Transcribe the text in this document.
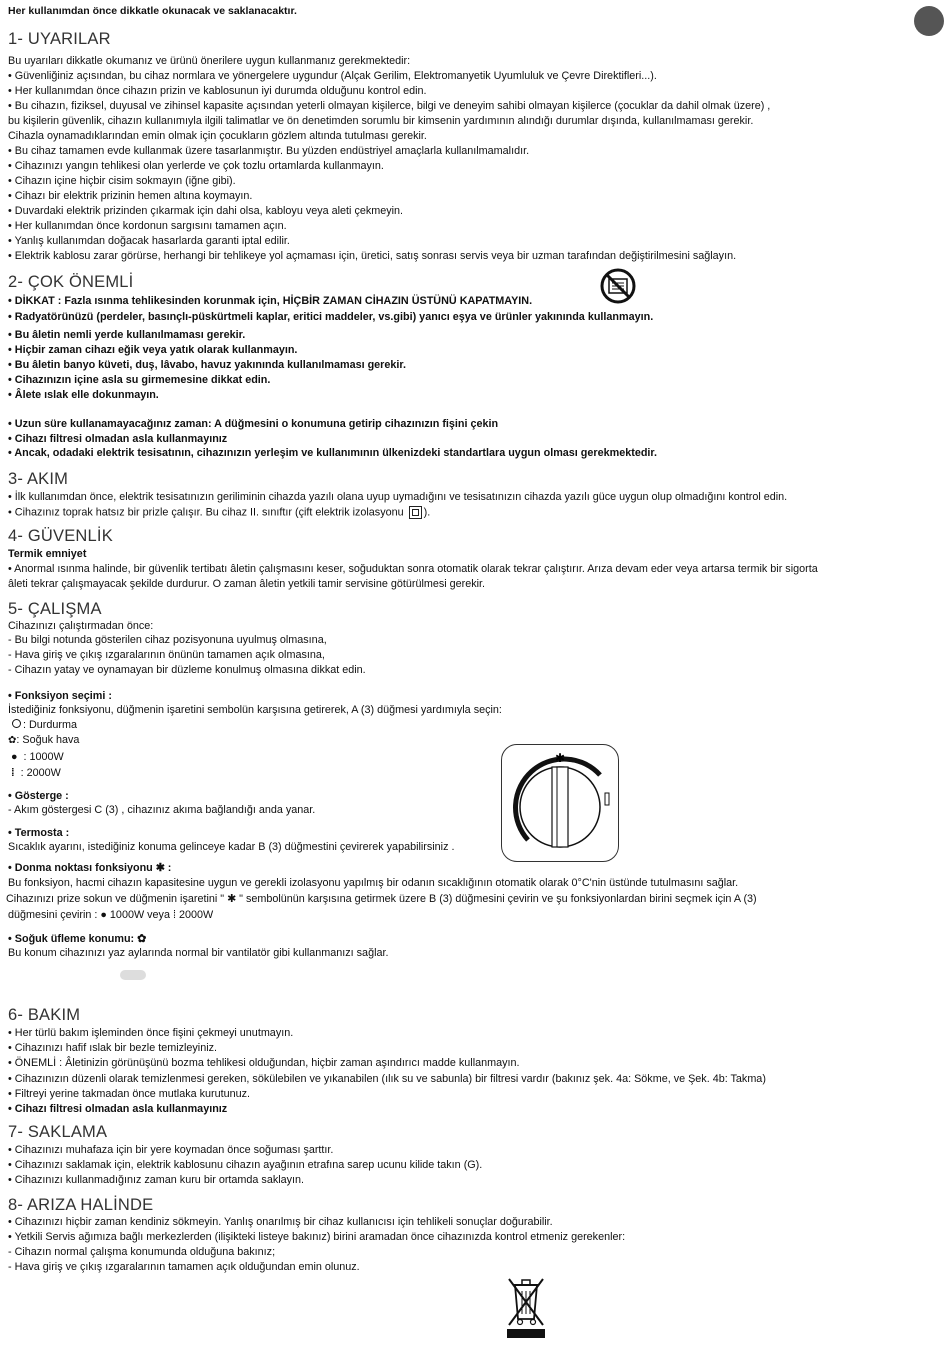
Her kullanımdan önce dikkatle okunacak ve saklanacaktır.
1- UYARILAR
Bu uyarıları dikkatle okumanız ve ürünü önerilere uygun kullanmanız gerekmektedir:
• Güvenliğiniz açısından, bu cihaz normlara ve yönergelere uygundur (Alçak Gerilim, Elektromanyetik Uyumluluk ve Çevre Direktifleri...).
• Her kullanımdan önce cihazın prizin ve kablosunun iyi durumda olduğunu kontrol edin.
• Bu cihazın, fiziksel, duyusal ve zihinsel kapasite açısından yeterli olmayan kişilerce, bilgi ve deneyim sahibi olmayan kişilerce (çocuklar da dahil olmak üzere) ,
bu kişilerin güvenlik, cihazın kullanımıyla ilgili talimatlar ve ön denetimden sorumlu bir kimsenin yardımının alındığı durumlar dışında, kullanılmaması gerekir.
Cihazla oynamadıklarından emin olmak için çocukların gözlem altında tutulması gerekir.
• Bu cihaz tamamen evde kullanmak üzere tasarlanmıştır. Bu yüzden endüstriyel amaçlarla kullanılmamalıdır.
• Cihazınızı yangın tehlikesi olan yerlerde ve çok tozlu ortamlarda kullanmayın.
• Cihazın içine hiçbir cisim sokmayın (iğne gibi).
• Cihazı bir elektrik prizinin hemen altına koymayın.
• Duvardaki elektrik prizinden çıkarmak için dahi olsa, kabloyu veya aleti çekmeyin.
• Her kullanımdan önce kordonun sargısını tamamen açın.
• Yanlış kullanımdan doğacak hasarlarda garanti iptal edilir.
• Elektrik kablosu zarar görürse, herhangi bir tehlikeye yol açmaması için, üretici, satış sonrası servis veya bir uzman tarafından değiştirilmesini sağlayın.
2- ÇOK ÖNEMLİ
• DİKKAT : Fazla ısınma tehlikesinden korunmak için, HİÇBİR ZAMAN CİHAZIN ÜSTÜNÜ KAPATMAYIN.
• Radyatörünüzü (perdeler, basınçlı-püskürtmeli kaplar, eritici maddeler, vs.gibi) yanıcı eşya ve ürünler yakınında kullanmayın.
• Bu âletin nemli yerde kullanılmaması gerekir.
• Hiçbir zaman cihazı eğik veya yatık olarak kullanmayın.
• Bu âletin banyo küveti, duş, lâvabo, havuz yakınında kullanılmaması gerekir.
• Cihazınızın içine asla su girmemesine dikkat edin.
• Âlete ıslak elle dokunmayın.
• Uzun süre kullanamayacağınız zaman: A düğmesini o konumuna getirip cihazınızın fişini çekin
• Cihazı filtresi olmadan asla kullanmayınız
• Ancak, odadaki elektrik tesisatının, cihazınızın yerleşim ve kullanımının ülkenizdeki standartlara uygun olması gerekmektedir.
3- AKIM
• İlk kullanımdan önce, elektrik tesisatınızın geriliminin cihazda yazılı olana uyup uymadığını ve tesisatınızın cihazda yazılı güce uygun olup olmadığını kontrol edin.
• Cihazınız toprak hatsız bir prizle çalışır. Bu cihaz II. sınıftır (çift elektrik izolasyonu ).
4- GÜVENLİK
Termik emniyet
• Anormal ısınma halinde, bir güvenlik tertibatı âletin çalışmasını keser, soğuduktan sonra otomatik olarak tekrar çalıştırır. Arıza devam eder veya artarsa termik bir sigorta
âleti tekrar çalışmayacak şekilde durdurur. O zaman âletin yetkili tamir servisine götürülmesi gerekir.
5- ÇALIŞMA
Cihazınızı çalıştırmadan önce:
- Bu bilgi notunda gösterilen cihaz pozisyonuna uyulmuş olmasına,
- Hava giriş ve çıkış ızgaralarının önünün tamamen açık olmasına,
- Cihazın yatay ve oynamayan bir düzleme konulmuş olmasına dikkat edin.
• Fonksiyon seçimi :
İstediğiniz fonksiyonu, düğmenin işaretini sembolün karşısına getirerek, A (3) düğmesi yardımıyla seçin:
: Durdurma
✿: Soğuk hava
● : 1000W
⁞ : 2000W
• Gösterge :
- Akım göstergesi C (3) , cihazınız akıma bağlandığı anda yanar.
• Termosta :
Sıcaklık ayarını, istediğiniz konuma gelinceye kadar B (3) düğmestini çevirerek yapabilirsiniz .
✱
• Donma noktası fonksiyonu ✱ :
Bu fonksiyon, hacmi cihazın kapasitesine uygun ve gerekli izolasyonu yapılmış bir odanın sıcaklığının otomatik olarak 0°C'nin üstünde tutulmasını sağlar.
Cihazınızı prize sokun ve düğmenin işaretini " ✱ " sembolünün karşısına getirmek üzere B (3) düğmesini çevirin ve şu fonksiyonlardan birini seçmek için A (3)
düğmesini çevirin : ● 1000W veya ⁞ 2000W
• Soğuk üfleme konumu: ✿
Bu konum cihazınızı yaz aylarında normal bir vantilatör gibi kullanmanızı sağlar.
6- BAKIM
• Her türlü bakım işleminden önce fişini çekmeyi unutmayın.
• Cihazınızı hafif ıslak bir bezle temizleyiniz.
• ÖNEMLİ : Âletinizin görünüşünü bozma tehlikesi olduğundan, hiçbir zaman aşındırıcı madde kullanmayın.
• Cihazınızın düzenli olarak temizlenmesi gereken, sökülebilen ve yıkanabilen (ılık su ve sabunla) bir filtresi vardır (bakınız şek. 4a: Sökme, ve Şek. 4b: Takma)
• Filtreyi yerine takmadan önce mutlaka kurutunuz.
• Cihazı filtresi olmadan asla kullanmayınız
7- SAKLAMA
• Cihazınızı muhafaza için bir yere koymadan önce soğuması şarttır.
• Cihazınızı saklamak için, elektrik kablosunu cihazın ayağının etrafına sarep ucunu kilide takın (G).
• Cihazınızı kullanmadığınız zaman kuru bir ortamda saklayın.
8- ARIZA HALİNDE
• Cihazınızı hiçbir zaman kendiniz sökmeyin. Yanlış onarılmış bir cihaz kullanıcısı için tehlikeli sonuçlar doğurabilir.
• Yetkili Servis ağımıza bağlı merkezlerden (ilişikteki listeye bakınız) birini aramadan önce cihazınızda kontrol etmeniz gerekenler:
- Cihazın normal çalışma konumunda olduğuna bakınız;
- Hava giriş ve çıkış ızgaralarının tamamen açık olduğundan emin olunuz.
